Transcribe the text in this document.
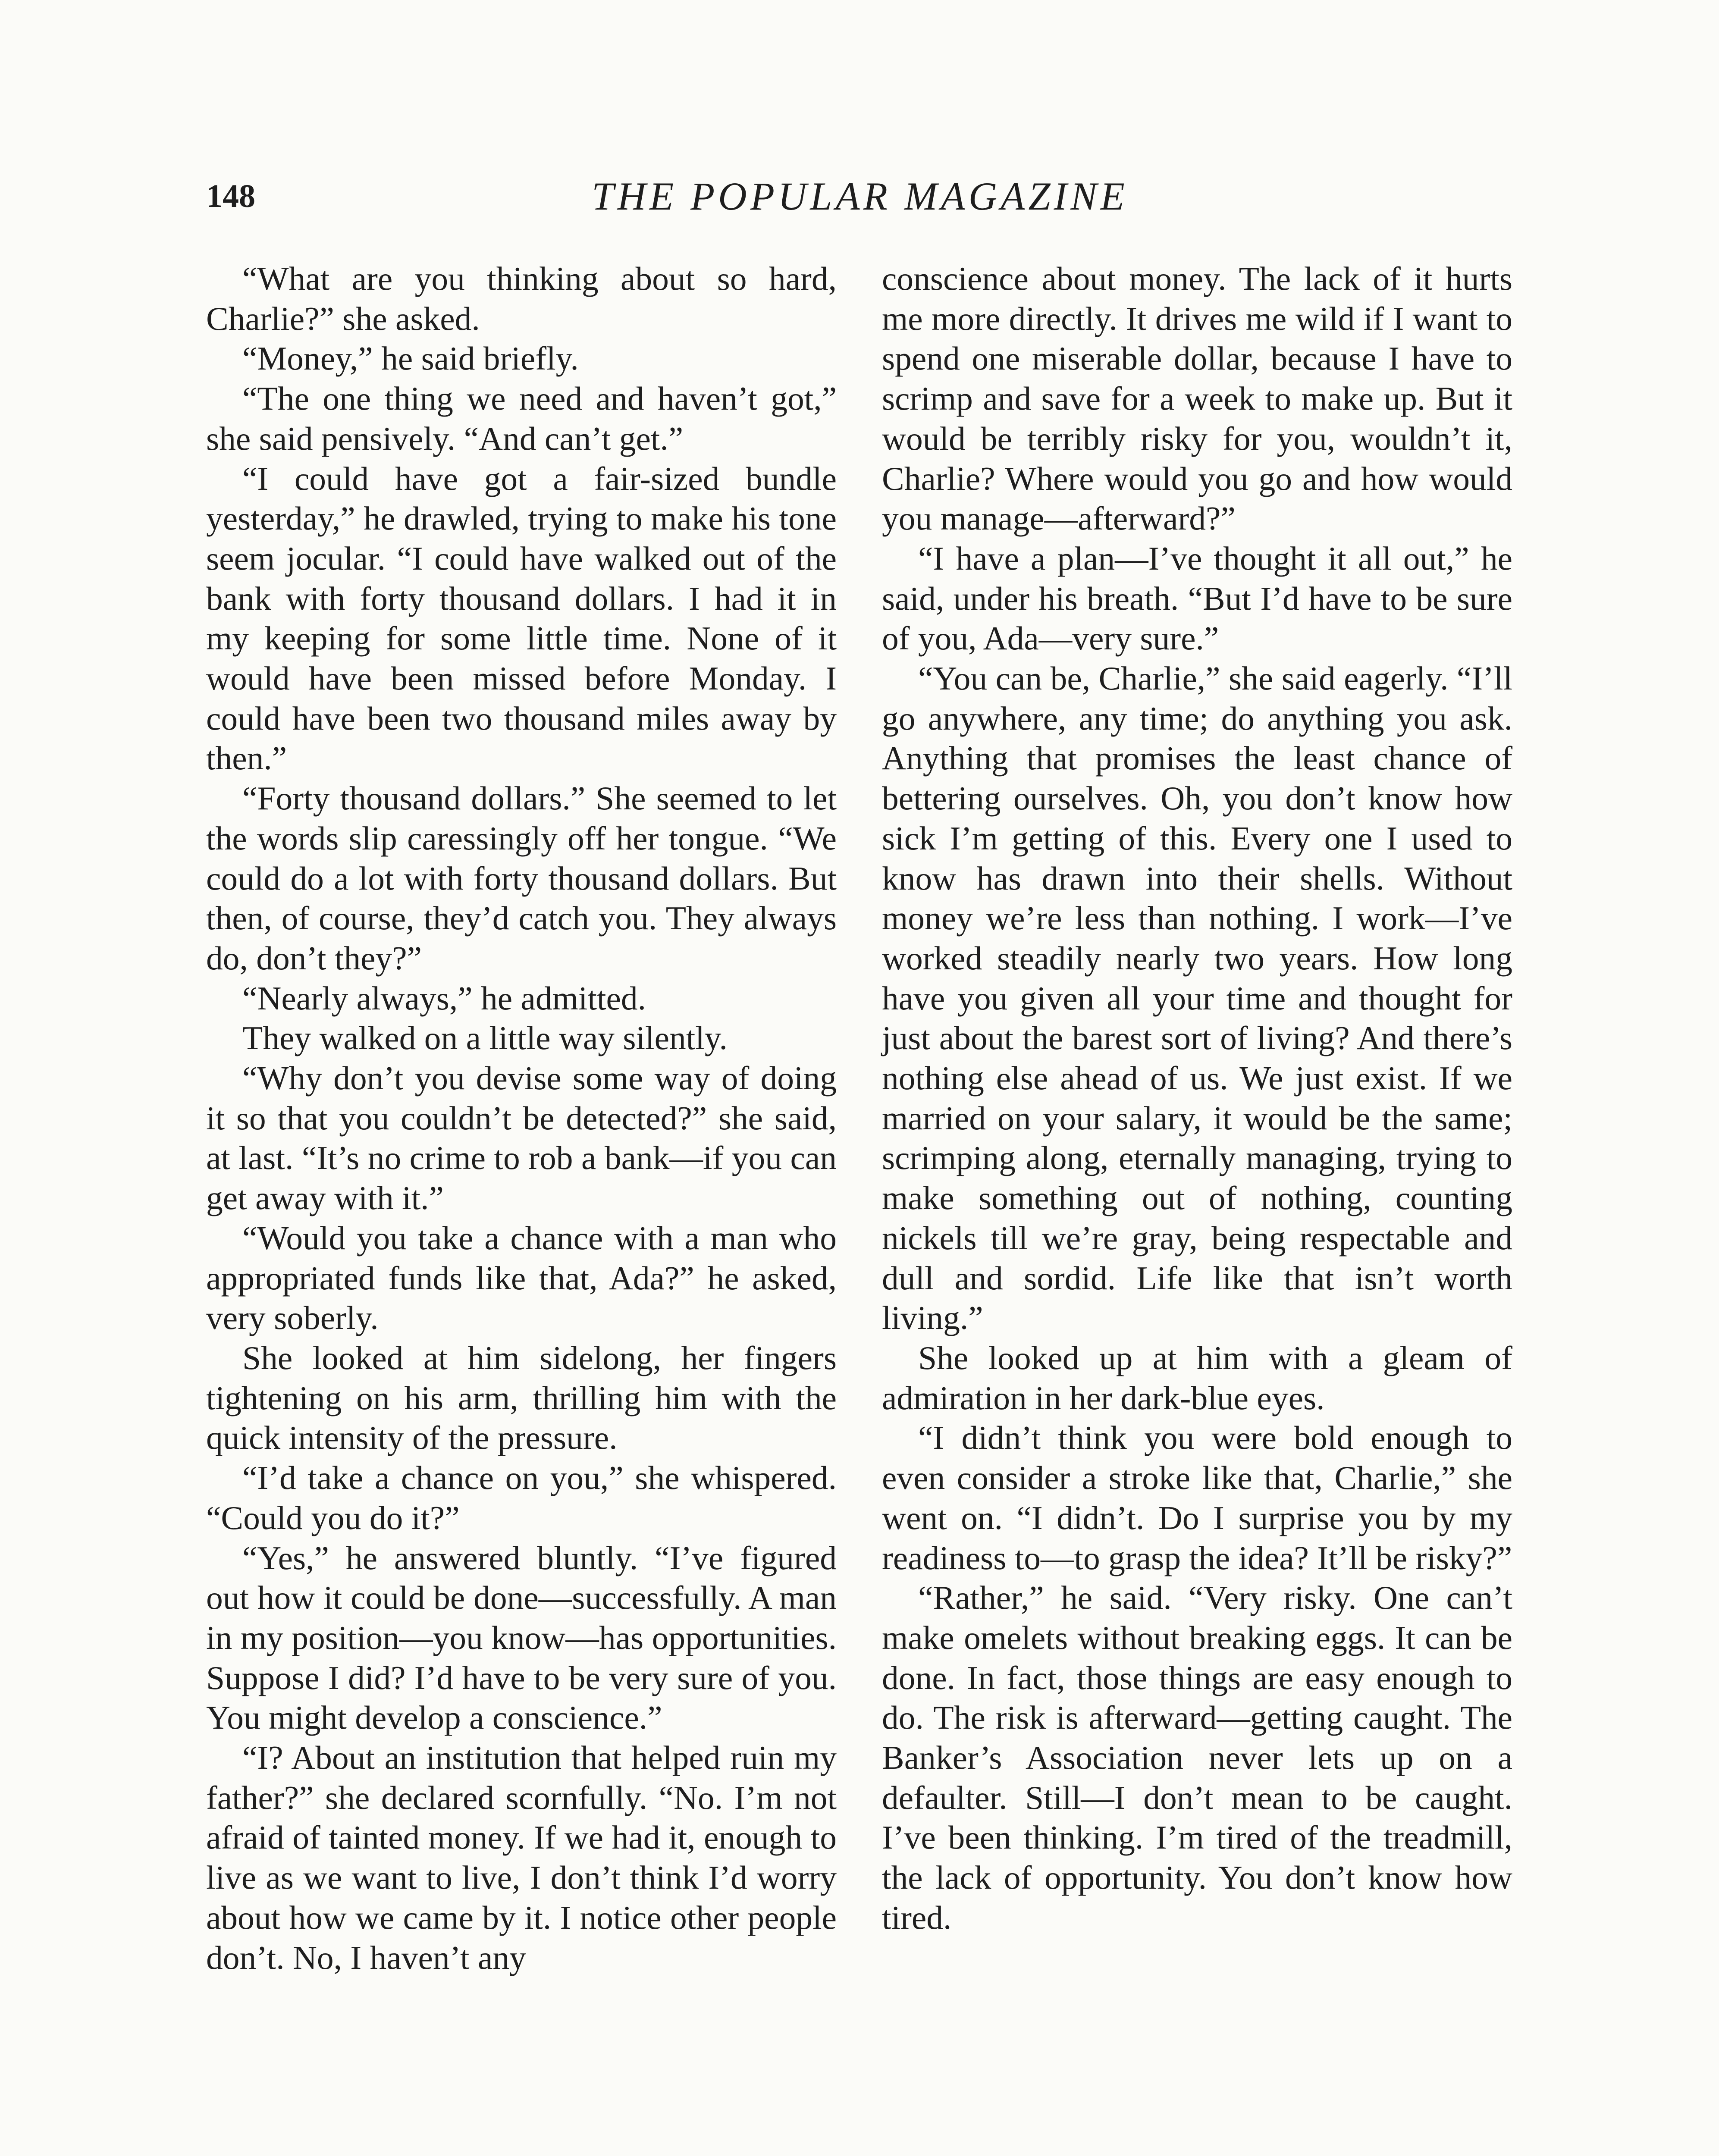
148	THE POPULAR MAGAZINE

“What are you thinking about so hard, Charlie?” she asked.

“Money,” he said briefly.

“The one thing we need and haven’t got,” she said pensively. “And can’t get.”

“I could have got a fair-sized bundle yesterday,” he drawled, trying to make his tone seem jocular. “I could have walked out of the bank with forty thousand dollars. I had it in my keeping for some little time. None of it would have been missed before Monday. I could have been two thousand miles away by then.”

“Forty thousand dollars.” She seemed to let the words slip caressingly off her tongue. “We could do a lot with forty thousand dollars. But then, of course, they’d catch you. They always do, don’t they?”

“Nearly always,” he admitted.

They walked on a little way silently.

“Why don’t you devise some way of doing it so that you couldn’t be detected?” she said, at last. “It’s no crime to rob a bank—if you can get away with it.”

“Would you take a chance with a man who appropriated funds like that, Ada?” he asked, very soberly.

She looked at him sidelong, her fingers tightening on his arm, thrilling him with the quick intensity of the pressure.

“I’d take a chance on you,” she whispered. “Could you do it?”

“Yes,” he answered bluntly. “I’ve figured out how it could be done—successfully. A man in my position—you know—has opportunities. Suppose I did? I’d have to be very sure of you. You might develop a conscience.”

“I? About an institution that helped ruin my father?” she declared scornfully. “No. I’m not afraid of tainted money. If we had it, enough to live as we want to live, I don’t think I’d worry about how we came by it. I notice other people don’t. No, I haven’t any

conscience about money. The lack of it hurts me more directly. It drives me wild if I want to spend one miserable dollar, because I have to scrimp and save for a week to make up. But it would be terribly risky for you, wouldn’t it, Charlie? Where would you go and how would you manage—afterward?”

“I have a plan—I’ve thought it all out,” he said, under his breath. “But I’d have to be sure of you, Ada—very sure.”

“You can be, Charlie,” she said eagerly. “I’ll go anywhere, any time; do anything you ask. Anything that promises the least chance of bettering ourselves. Oh, you don’t know how sick I’m getting of this. Every one I used to know has drawn into their shells. Without money we’re less than nothing. I work—I’ve worked steadily nearly two years. How long have you given all your time and thought for just about the barest sort of living? And there’s nothing else ahead of us. We just exist. If we married on your salary, it would be the same; scrimping along, eternally managing, trying to make something out of nothing, counting nickels till we’re gray, being respectable and dull and sordid. Life like that isn’t worth living.”

She looked up at him with a gleam of admiration in her dark-blue eyes.

“I didn’t think you were bold enough to even consider a stroke like that, Charlie,” she went on. “I didn’t. Do I surprise you by my readiness to—to grasp the idea? It’ll be risky?”

“Rather,” he said. “Very risky. One can’t make omelets without breaking eggs. It can be done. In fact, those things are easy enough to do. The risk is afterward—getting caught. The Banker’s Association never lets up on a defaulter. Still—I don’t mean to be caught. I’ve been thinking. I’m tired of the treadmill, the lack of opportunity. You don’t know how tired.
